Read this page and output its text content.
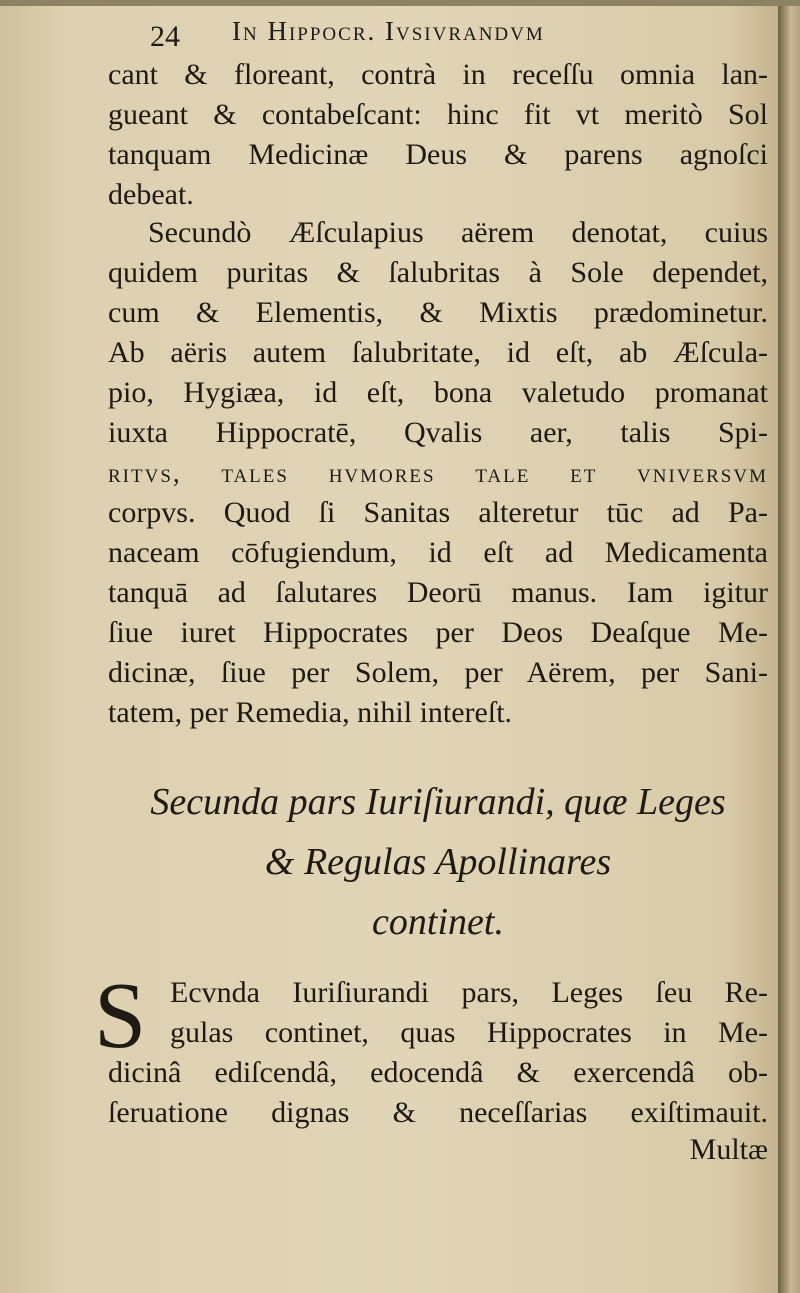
24 In Hippocr. Ivsivrandvm
cant & floreant, contrà in receſſu omnia lan-
gueant & contabeſcant: hinc fit vt meritò Sol
tanquam Medicinæ Deus & parens agnoſci
debeat.
Secundò Æſculapius aërem denotat, cuius
quidem puritas & ſalubritas à Sole dependet,
cum & Elementis, & Mixtis prædominetur.
Ab aëris autem ſalubritate, id eſt, ab Æſcula-
pio, Hygiæa, id eſt, bona valetudo promanat
iuxta Hippocratē, Qvalis aer, talis Spi-
ritvs, tales hvmores tale et vniversvm
corpvs. Quod ſi Sanitas alteretur tūc ad Pa-
naceam cōfugiendum, id eſt ad Medicamenta
tanquā ad ſalutares Deorū manus. Iam igitur
ſiue iuret Hippocrates per Deos Deaſque Me-
dicinæ, ſiue per Solem, per Aërem, per Sani-
tatem, per Remedia, nihil intereſt.
Secunda pars Iuriſiurandi, quæ Leges
& Regulas Apollinares
continet.
S Ecvnda Iuriſiurandi pars, Leges ſeu Re-
gulas continet, quas Hippocrates in Me-
dicinâ ediſcendâ, edocendâ & exercendâ ob-
ſeruatione dignas & neceſſarias exiſtimauit.
Multæ
